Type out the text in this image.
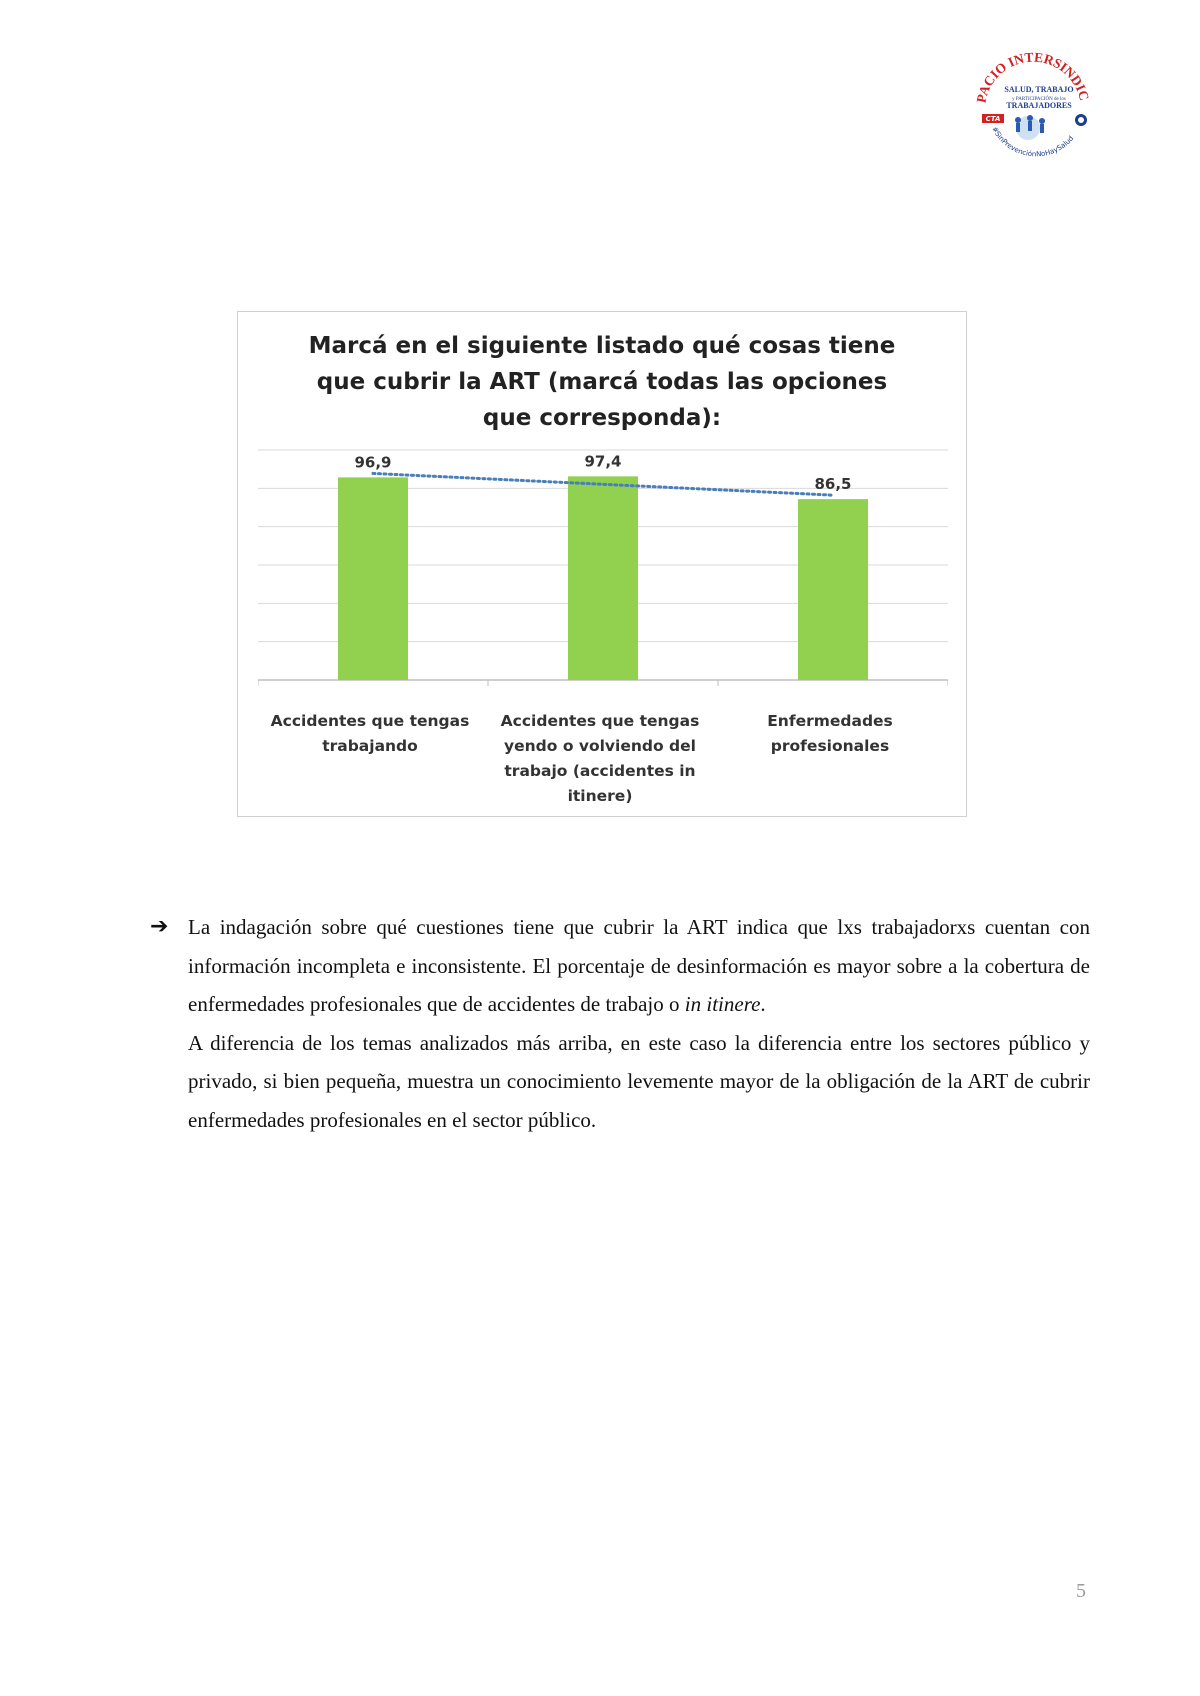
PACIO INTERSINDIC
SALUD, TRABAJO
y PARTICIPACIÓN de los
TRABAJADORES
CTA
#SinPrevenciónNoHaySalud
Marcá en el siguiente listado qué cosas tiene
que cubrir la ART (marcá todas las opciones
que corresponda):
96,9	97,4
86,5
Accidentes que tengas
trabajando
Accidentes que tengas
yendo o volviendo del
trabajo (accidentes in
itinere)
Enfermedades
profesionales
➔ La indagación sobre qué cuestiones tiene que cubrir la ART indica que lxs trabajadorxs cuentan con información incompleta e inconsistente. El porcentaje de desinformación es mayor sobre a la cobertura de enfermedades profesionales que de accidentes de trabajo o in itinere.

A diferencia de los temas analizados más arriba, en este caso la diferencia entre los sectores público y privado, si bien pequeña, muestra un conocimiento levemente mayor de la obligación de la ART de cubrir enfermedades profesionales en el sector público.

5
